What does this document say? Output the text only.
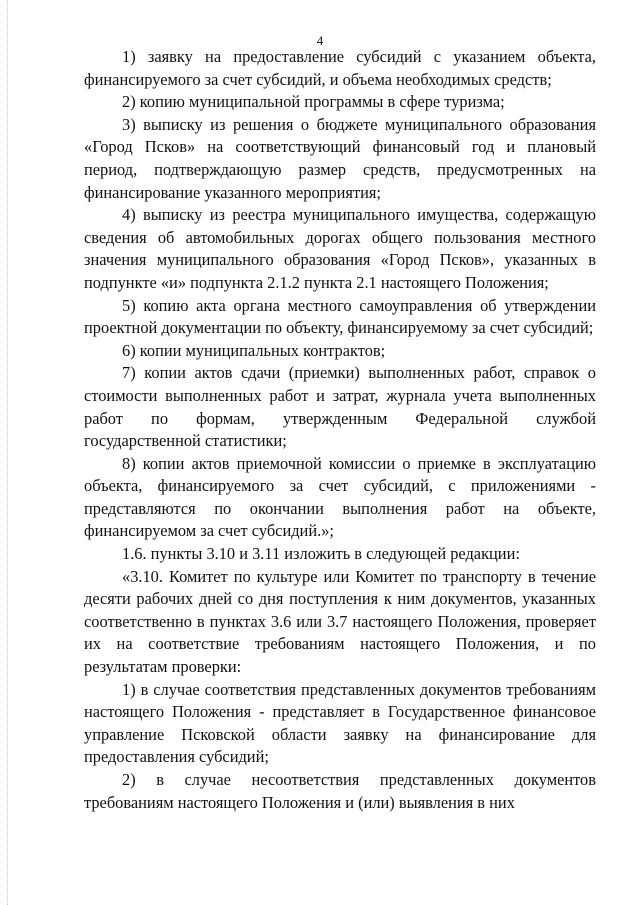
4

1) заявку на предоставление субсидий с указанием объекта, финансируемого за счет субсидий, и объема необходимых средств;

2) копию муниципальной программы в сфере туризма;

3) выписку из решения о бюджете муниципального образования «Город Псков» на соответствующий финансовый год и плановый период, подтверждающую размер средств, предусмотренных на финансирование указанного мероприятия;

4) выписку из реестра муниципального имущества, содержащую сведения об автомобильных дорогах общего пользования местного значения муниципального образования «Город Псков», указанных в подпункте «и» подпункта 2.1.2 пункта 2.1 настоящего Положения;

5) копию акта органа местного самоуправления об утверждении проектной документации по объекту, финансируемому за счет субсидий;

6) копии муниципальных контрактов;

7) копии актов сдачи (приемки) выполненных работ, справок о стоимости выполненных работ и затрат, журнала учета выполненных работ по формам, утвержденным Федеральной службой государственной статистики;

8) копии актов приемочной комиссии о приемке в эксплуатацию объекта, финансируемого за счет субсидий, с приложениями - представляются по окончании выполнения работ на объекте, финансируемом за счет субсидий.»;

1.6. пункты 3.10 и 3.11 изложить в следующей редакции:

«3.10. Комитет по культуре или Комитет по транспорту в течение десяти рабочих дней со дня поступления к ним документов, указанных соответственно в пунктах 3.6 или 3.7 настоящего Положения, проверяет их на соответствие требованиям настоящего Положения, и по результатам проверки:

1) в случае соответствия представленных документов требованиям настоящего Положения - представляет в Государственное финансовое управление Псковской области заявку на финансирование для предоставления субсидий;

2) в случае несоответствия представленных документов требованиям настоящего Положения и (или) выявления в них
